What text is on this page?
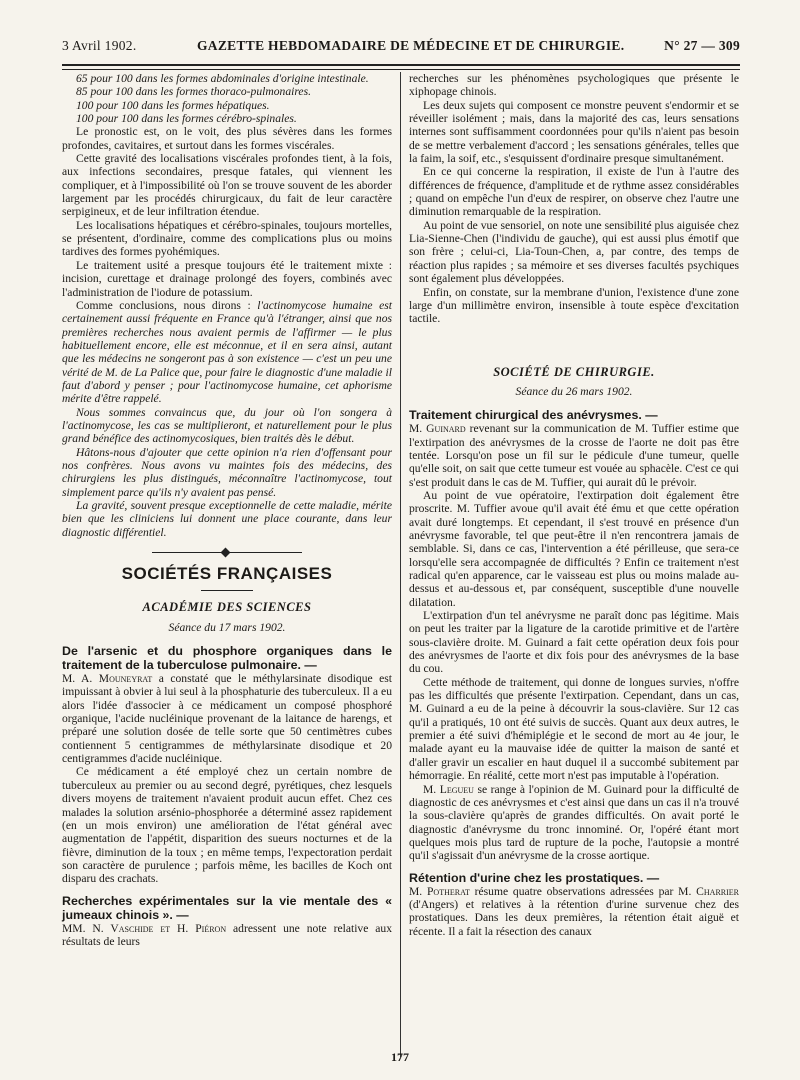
3 Avril 1902.	GAZETTE HEBDOMADAIRE DE MÉDECINE ET DE CHIRURGIE.	N° 27 — 309

65 pour 100 dans les formes abdominales d'origine intestinale.

85 pour 100 dans les formes thoraco-pulmonaires.

100 pour 100 dans les formes hépatiques.

100 pour 100 dans les formes cérébro-spinales.

Le pronostic est, on le voit, des plus sévères dans les formes profondes, cavitaires, et surtout dans les formes viscérales.

Cette gravité des localisations viscérales profondes tient, à la fois, aux infections secondaires, presque fatales, qui viennent les compliquer, et à l'impossibilité où l'on se trouve souvent de les aborder largement par les procédés chirurgicaux, du fait de leur caractère serpigineux, et de leur infiltration étendue.

Les localisations hépatiques et cérébro-spinales, toujours mortelles, se présentent, d'ordinaire, comme des complications plus ou moins tardives des formes pyohémiques.

Le traitement usité a presque toujours été le traitement mixte : incision, curettage et drainage prolongé des foyers, combinés avec l'administration de l'iodure de potassium.

Comme conclusions, nous dirons : l'actinomycose humaine est certainement aussi fréquente en France qu'à l'étranger, ainsi que nos premières recherches nous avaient permis de l'affirmer — le plus habituellement encore, elle est méconnue, et il en sera ainsi, autant que les médecins ne songeront pas à son existence — c'est un peu une vérité de M. de La Palice que, pour faire le diagnostic d'une maladie il faut d'abord y penser ; pour l'actinomycose humaine, cet aphorisme mérite d'être rappelé.

Nous sommes convaincus que, du jour où l'on songera à l'actinomycose, les cas se multiplieront, et naturellement pour le plus grand bénéfice des actinomycosiques, bien traités dès le début.

Hâtons-nous d'ajouter que cette opinion n'a rien d'offensant pour nos confrères. Nous avons vu maintes fois des médecins, des chirurgiens les plus distingués, méconnaître l'actinomycose, tout simplement parce qu'ils n'y avaient pas pensé.

La gravité, souvent presque exceptionnelle de cette maladie, mérite bien que les cliniciens lui donnent une place courante, dans leur diagnostic différentiel.

SOCIÉTÉS FRANÇAISES
ACADÉMIE DES SCIENCES
Séance du 17 mars 1902.
De l'arsenic et du phosphore organiques dans le traitement de la tuberculose pulmonaire. —

M. A. Mouneyrat a constaté que le méthylarsinate disodique est impuissant à obvier à lui seul à la phosphaturie des tuberculeux. Il a eu alors l'idée d'associer à ce médicament un composé phosphoré organique, l'acide nucléinique provenant de la laitance de harengs, et préparé une solution dosée de telle sorte que 50 centimètres cubes contiennent 5 centigrammes de méthylarsinate disodique et 20 centigrammes d'acide nucléinique.

Ce médicament a été employé chez un certain nombre de tuberculeux au premier ou au second degré, pyrétiques, chez lesquels divers moyens de traitement n'avaient produit aucun effet. Chez ces malades la solution arsénio-phosphorée a déterminé assez rapidement (en un mois environ) une amélioration de l'état général avec augmentation de l'appétit, disparition des sueurs nocturnes et de la fièvre, diminution de la toux ; en même temps, l'expectoration perdait son caractère de purulence ; parfois même, les bacilles de Koch ont disparu des crachats.

Recherches expérimentales sur la vie mentale des « jumeaux chinois ». —

MM. N. Vaschide et H. Piéron adressent une note relative aux résultats de leurs

recherches sur les phénomènes psychologiques que présente le xiphopage chinois.

Les deux sujets qui composent ce monstre peuvent s'endormir et se réveiller isolément ; mais, dans la majorité des cas, leurs sensations internes sont suffisamment coordonnées pour qu'ils n'aient pas besoin de se mettre verbalement d'accord ; les sensations générales, telles que la faim, la soif, etc., s'esquissent d'ordinaire presque simultanément.

En ce qui concerne la respiration, il existe de l'un à l'autre des différences de fréquence, d'amplitude et de rythme assez considérables ; quand on empêche l'un d'eux de respirer, on observe chez l'autre une diminution remarquable de la respiration.

Au point de vue sensoriel, on note une sensibilité plus aiguisée chez Lia-Sienne-Chen (l'individu de gauche), qui est aussi plus émotif que son frère ; celui-ci, Lia-Toun-Chen, a, par contre, des temps de réaction plus rapides ; sa mémoire et ses diverses facultés psychiques sont également plus développées.

Enfin, on constate, sur la membrane d'union, l'existence d'une zone large d'un millimètre environ, insensible à toute espèce d'excitation tactile.

SOCIÉTÉ DE CHIRURGIE.
Séance du 26 mars 1902.
Traitement chirurgical des anévrysmes. —

M. Guinard revenant sur la communication de M. Tuffier estime que l'extirpation des anévrysmes de la crosse de l'aorte ne doit pas être tentée. Lorsqu'on pose un fil sur le pédicule d'une tumeur, quelle qu'elle soit, on sait que cette tumeur est vouée au sphacèle. C'est ce qui s'est produit dans le cas de M. Tuffier, qui aurait dû le prévoir.

Au point de vue opératoire, l'extirpation doit également être proscrite. M. Tuffier avoue qu'il avait été ému et que cette opération avait duré longtemps. Et cependant, il s'est trouvé en présence d'un anévrysme favorable, tel que peut-être il n'en rencontrera jamais de semblable. Si, dans ce cas, l'intervention a été périlleuse, que sera-ce lorsqu'elle sera accompagnée de difficultés ? Enfin ce traitement n'est radical qu'en apparence, car le vaisseau est plus ou moins malade au-dessus et au-dessous et, par conséquent, susceptible d'une nouvelle dilatation.

L'extirpation d'un tel anévrysme ne paraît donc pas légitime. Mais on peut les traiter par la ligature de la carotide primitive et de l'artère sous-clavière droite. M. Guinard a fait cette opération deux fois pour des anévrysmes de l'aorte et dix fois pour des anévrysmes de la base du cou.

Cette méthode de traitement, qui donne de longues survies, n'offre pas les difficultés que présente l'extirpation. Cependant, dans un cas, M. Guinard a eu de la peine à découvrir la sous-clavière. Sur 12 cas qu'il a pratiqués, 10 ont été suivis de succès. Quant aux deux autres, le premier a été suivi d'hémiplégie et le second de mort au 4e jour, le malade ayant eu la mauvaise idée de quitter la maison de santé et d'aller gravir un escalier en haut duquel il a succombé subitement par hémorragie. En réalité, cette mort n'est pas imputable à l'opération.

M. Legueu se range à l'opinion de M. Guinard pour la difficulté de diagnostic de ces anévrysmes et c'est ainsi que dans un cas il n'a trouvé la sous-clavière qu'après de grandes difficultés. On avait porté le diagnostic d'anévrysme du tronc innominé. Or, l'opéré étant mort quelques mois plus tard de rupture de la poche, l'autopsie a montré qu'il s'agissait d'un anévrysme de la crosse aortique.

Rétention d'urine chez les prostatiques. —

M. Potherat résume quatre observations adressées par M. Charrier (d'Angers) et relatives à la rétention d'urine survenue chez des prostatiques. Dans les deux premières, la rétention était aiguë et récente. Il a fait la résection des canaux

177
